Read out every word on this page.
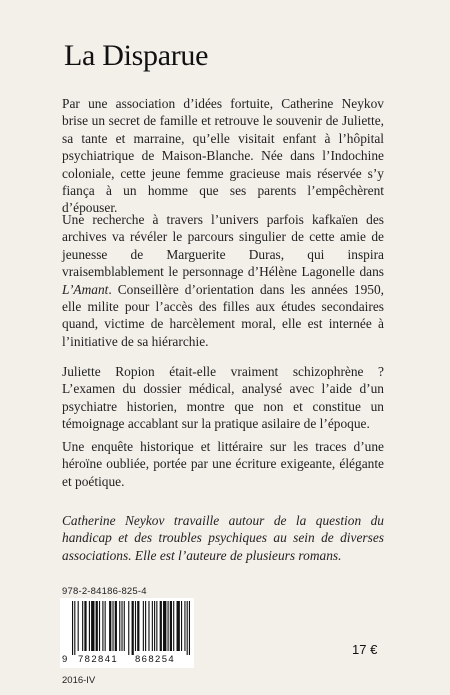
La Disparue

Par une association d’idées fortuite, Catherine Neykov brise un secret de famille et retrouve le souvenir de Juliette, sa tante et marraine, qu’elle visitait enfant à l’hôpital psychiatrique de Maison-Blanche. Née dans l’Indochine coloniale, cette jeune femme gracieuse mais réservée s’y fiança à un homme que ses parents l’empêchèrent d’épouser.

Une recherche à travers l’univers parfois kafkaïen des archives va révéler le parcours singulier de cette amie de jeunesse de Marguerite Duras, qui inspira vraisemblablement le personnage d’Hélène Lagonelle dans L’Amant. Conseillère d’orientation dans les années 1950, elle milite pour l’accès des filles aux études secondaires quand, victime de harcèlement moral, elle est internée à l’initiative de sa hiérarchie.

Juliette Ropion était-elle vraiment schizophrène ? L’examen du dossier médical, analysé avec l’aide d’un psychiatre historien, montre que non et constitue un témoignage accablant sur la pratique asilaire de l’époque.

Une enquête historique et littéraire sur les traces d’une héroïne oubliée, portée par une écriture exigeante, élégante et poétique.

Catherine Neykov travaille autour de la question du handicap et des troubles psychiques au sein de diverses associations. Elle est l’auteure de plusieurs romans.

978-2-84186-825-4
9 782841 868254
17 €
2016-IV
